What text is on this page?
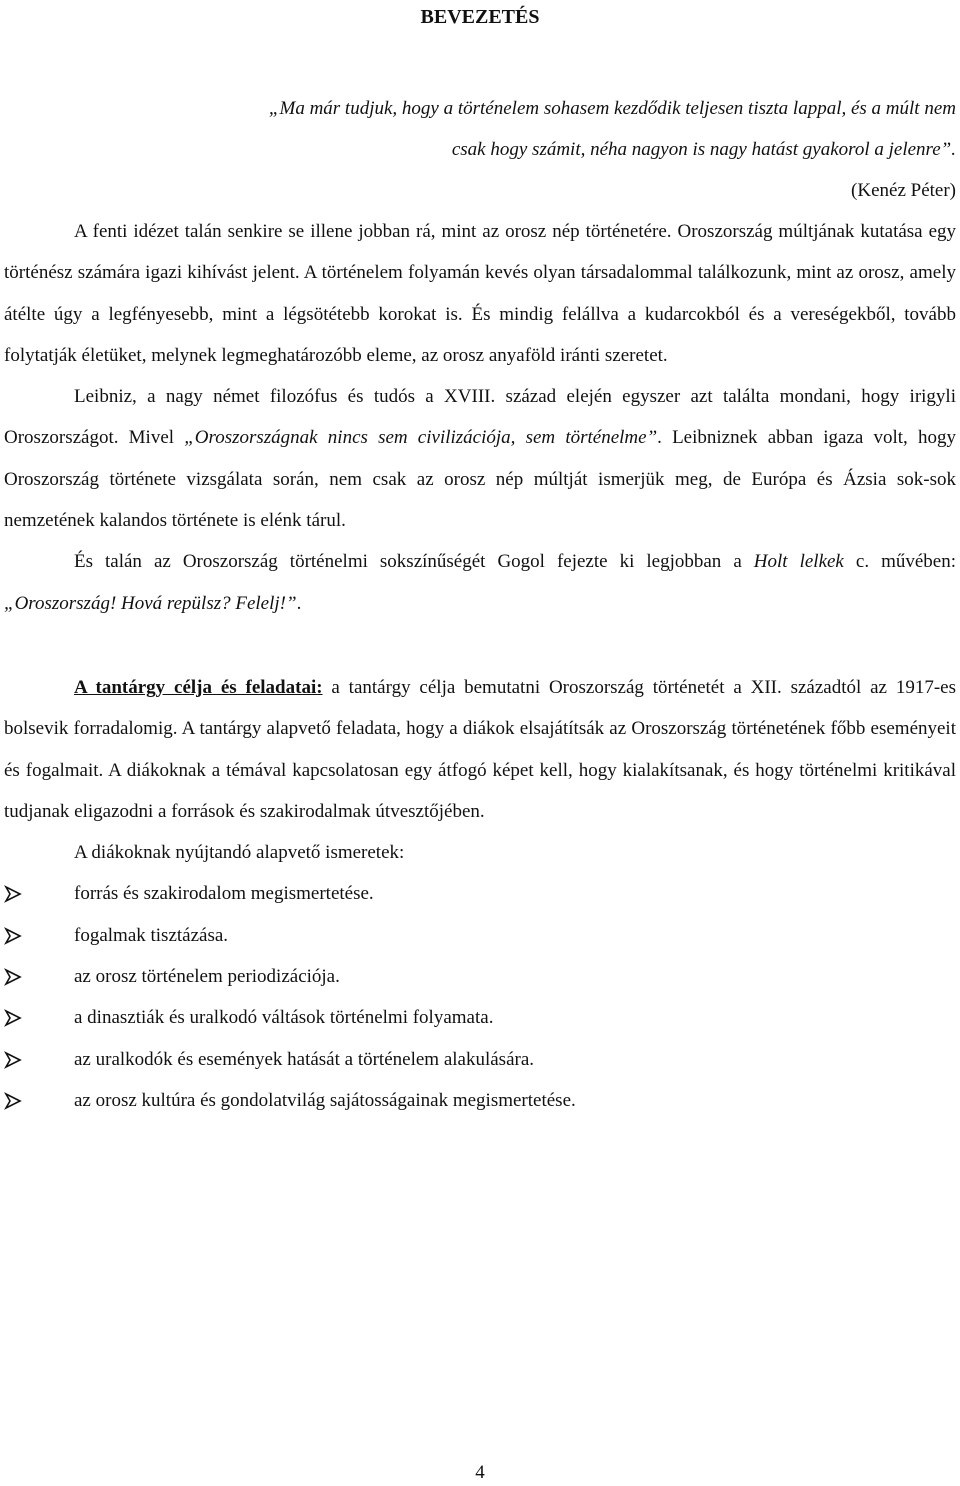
BEVEZETÉS
„Ma már tudjuk, hogy a történelem sohasem kezdődik teljesen tiszta lappal, és a múlt nem
csak hogy számit, néha nagyon is nagy hatást gyakorol a jelenre”.
(Kenéz Péter)

A fenti idézet talán senkire se illene jobban rá, mint az orosz nép történetére. Oroszország múltjának kutatása egy történész számára igazi kihívást jelent. A történelem folyamán kevés olyan társadalommal találkozunk, mint az orosz, amely átélte úgy a legfényesebb, mint a légsötétebb korokat is. És mindig felállva a kudarcokból és a vereségekből, tovább folytatják életüket, melynek legmeghatározóbb eleme, az orosz anyaföld iránti szeretet.

Leibniz, a nagy német filozófus és tudós a XVIII. század elején egyszer azt találta mondani, hogy irigyli Oroszországot. Mivel „Oroszországnak nincs sem civilizációja, sem történelme”. Leibniznek abban igaza volt, hogy Oroszország története vizsgálata során, nem csak az orosz nép múltját ismerjük meg, de Európa és Ázsia sok-sok nemzetének kalandos története is elénk tárul.

És talán az Oroszország történelmi sokszínűségét Gogol fejezte ki legjobban a Holt lelkek c. művében: „Oroszország! Hová repülsz? Felelj!”.

A tantárgy célja és feladatai: a tantárgy célja bemutatni Oroszország történetét a XII. századtól az 1917-es bolsevik forradalomig. A tantárgy alapvető feladata, hogy a diákok elsajátítsák az Oroszország történetének főbb eseményeit és fogalmait. A diákoknak a témával kapcsolatosan egy átfogó képet kell, hogy kialakítsanak, és hogy történelmi kritikával tudjanak eligazodni a források és szakirodalmak útvesztőjében.

A diákoknak nyújtandó alapvető ismeretek:

forrás és szakirodalom megismertetése.
fogalmak tisztázása.
az orosz történelem periodizációja.
a dinasztiák és uralkodó váltások történelmi folyamata.
az uralkodók és események hatását a történelem alakulására.
az orosz kultúra és gondolatvilág sajátosságainak megismertetése.
4
